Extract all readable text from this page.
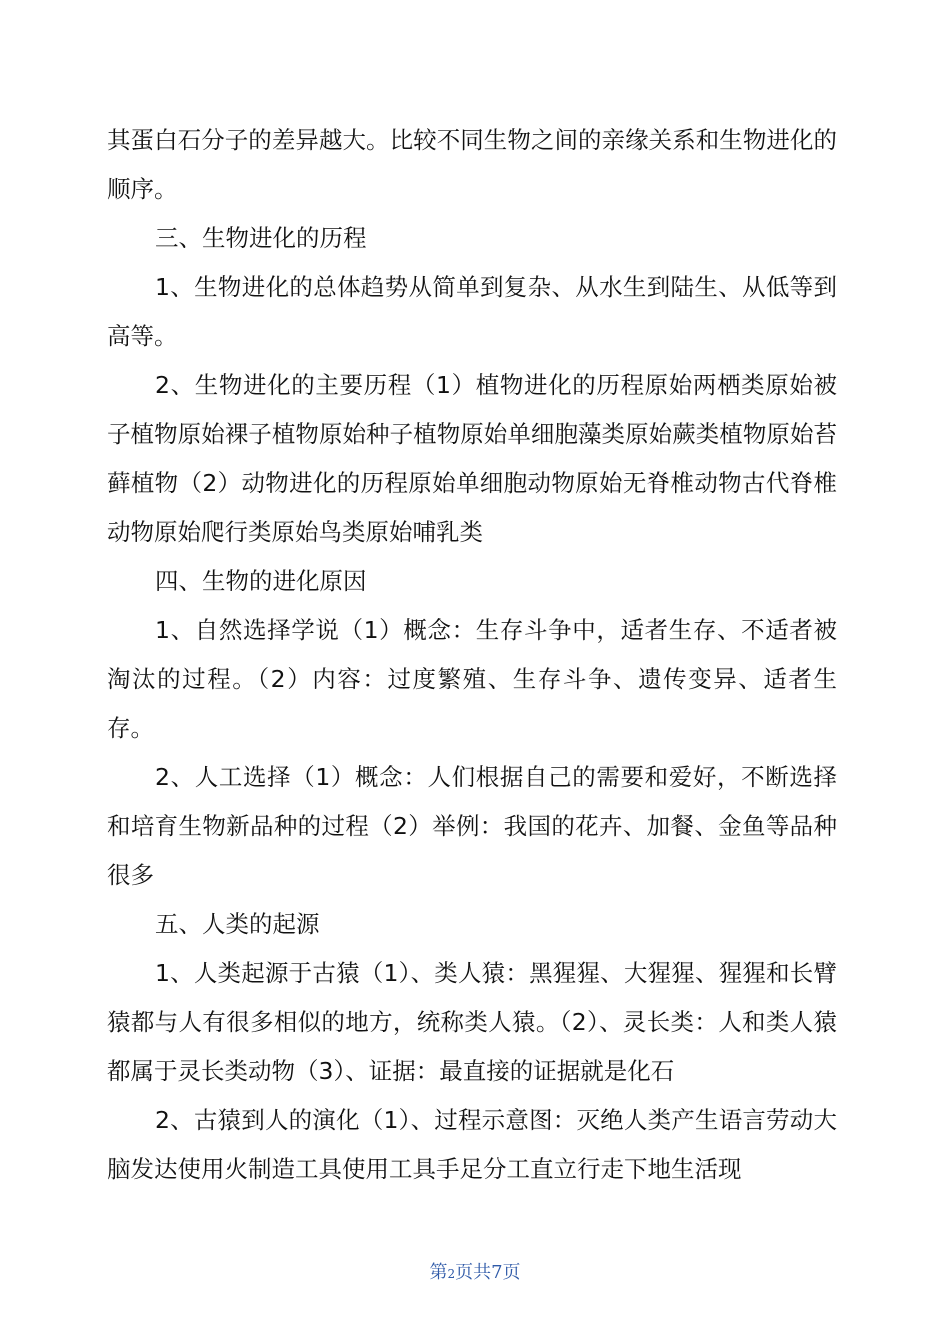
其蛋白石分子的差异越大。比较不同生物之间的亲缘关系和生物进化的顺序。

三、生物进化的历程

1、生物进化的总体趋势从简单到复杂、从水生到陆生、从低等到高等。

2、生物进化的主要历程（1）植物进化的历程原始两栖类原始被子植物原始裸子植物原始种子植物原始单细胞藻类原始蕨类植物原始苔藓植物（2）动物进化的历程原始单细胞动物原始无脊椎动物古代脊椎动物原始爬行类原始鸟类原始哺乳类

四、生物的进化原因

1、自然选择学说（1）概念：生存斗争中，适者生存、不适者被淘汰的过程。（2）内容：过度繁殖、生存斗争、遗传变异、适者生存。

2、人工选择（1）概念：人们根据自己的需要和爱好，不断选择和培育生物新品种的过程（2）举例：我国的花卉、加餐、金鱼等品种很多

五、人类的起源

1、人类起源于古猿（1）、类人猿：黑猩猩、大猩猩、猩猩和长臂猿都与人有很多相似的地方，统称类人猿。（2）、灵长类：人和类人猿都属于灵长类动物（3）、证据：最直接的证据就是化石

2、古猿到人的演化（1）、过程示意图：灭绝人类产生语言劳动大脑发达使用火制造工具使用工具手足分工直立行走下地生活现

第2页共7页
